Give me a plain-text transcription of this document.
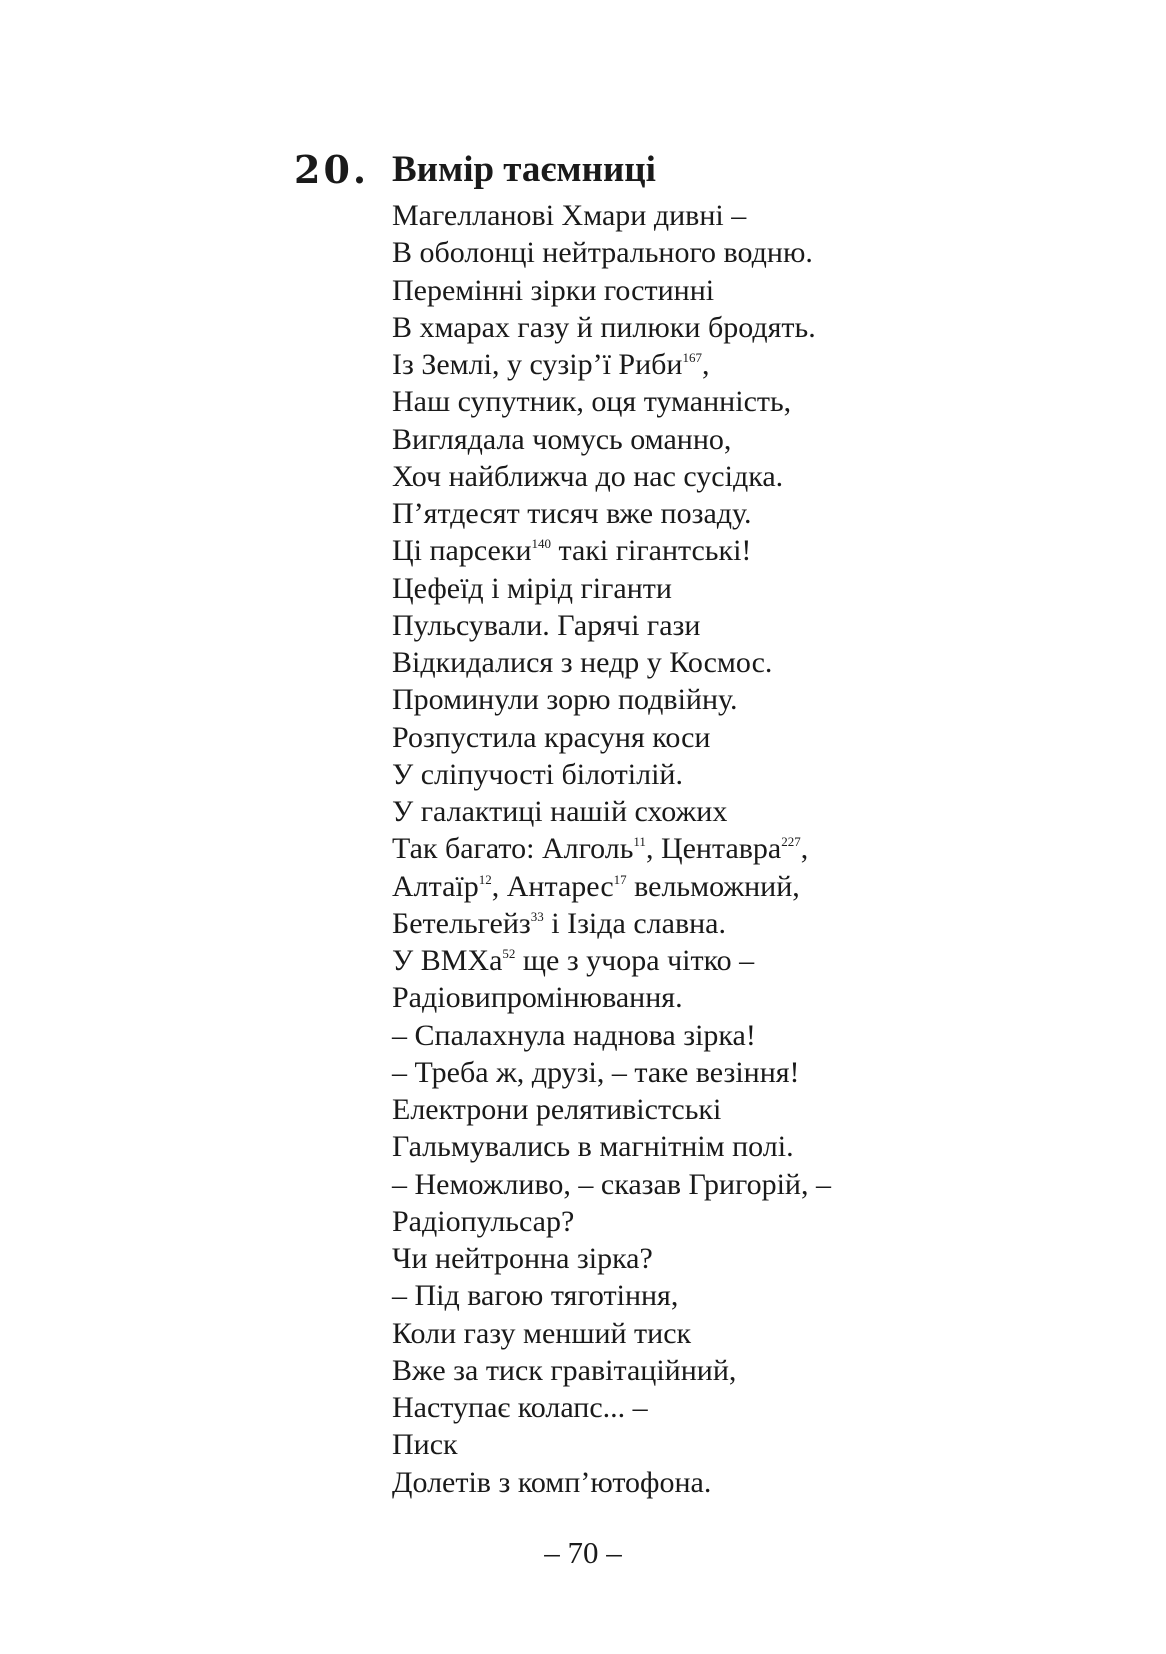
20. Вимір таємниці
Магелланові Хмари дивні –
В оболонці нейтрального водню.
Перемінні зірки гостинні
В хмарах газу й пилюки бродять.
Із Землі, у сузір’ї Риби$^{167}$,
Наш супутник, оця туманність,
Виглядала чомусь оманно,
Хоч найближча до нас сусідка.
П’ятдесят тисяч вже позаду.
Ці парсеки$^{140}$ такі гігантські!
Цефеїд і мірід гіганти
Пульсували. Гарячі гази
Відкидалися з недр у Космос.
Проминули зорю подвійну.
Розпустила красуня коси
У сліпучості білотілій.
У галактиці нашій схожих
Так багато: Алголь$^{11}$, Центавра$^{227}$,
Алтаїр$^{12}$, Антарес$^{17}$ вельможний,
Бетельгейз$^{33}$ і Ізіда славна.
У ВМХа$^{52}$ ще з учора чітко –
Радіовипромінювання.
– Спалахнула наднова зірка!
– Треба ж, друзі, – таке везіння!
Електрони релятивістські
Гальмувались в магнітнім полі.
– Неможливо, – сказав Григорій, –
Радіопульсар?
Чи нейтронна зірка?
– Під вагою тяготіння,
Коли газу менший тиск
Вже за тиск гравітаційний,
Наступає колапс... –
Писк
Долетів з комп’ютофона.
– 70 –
